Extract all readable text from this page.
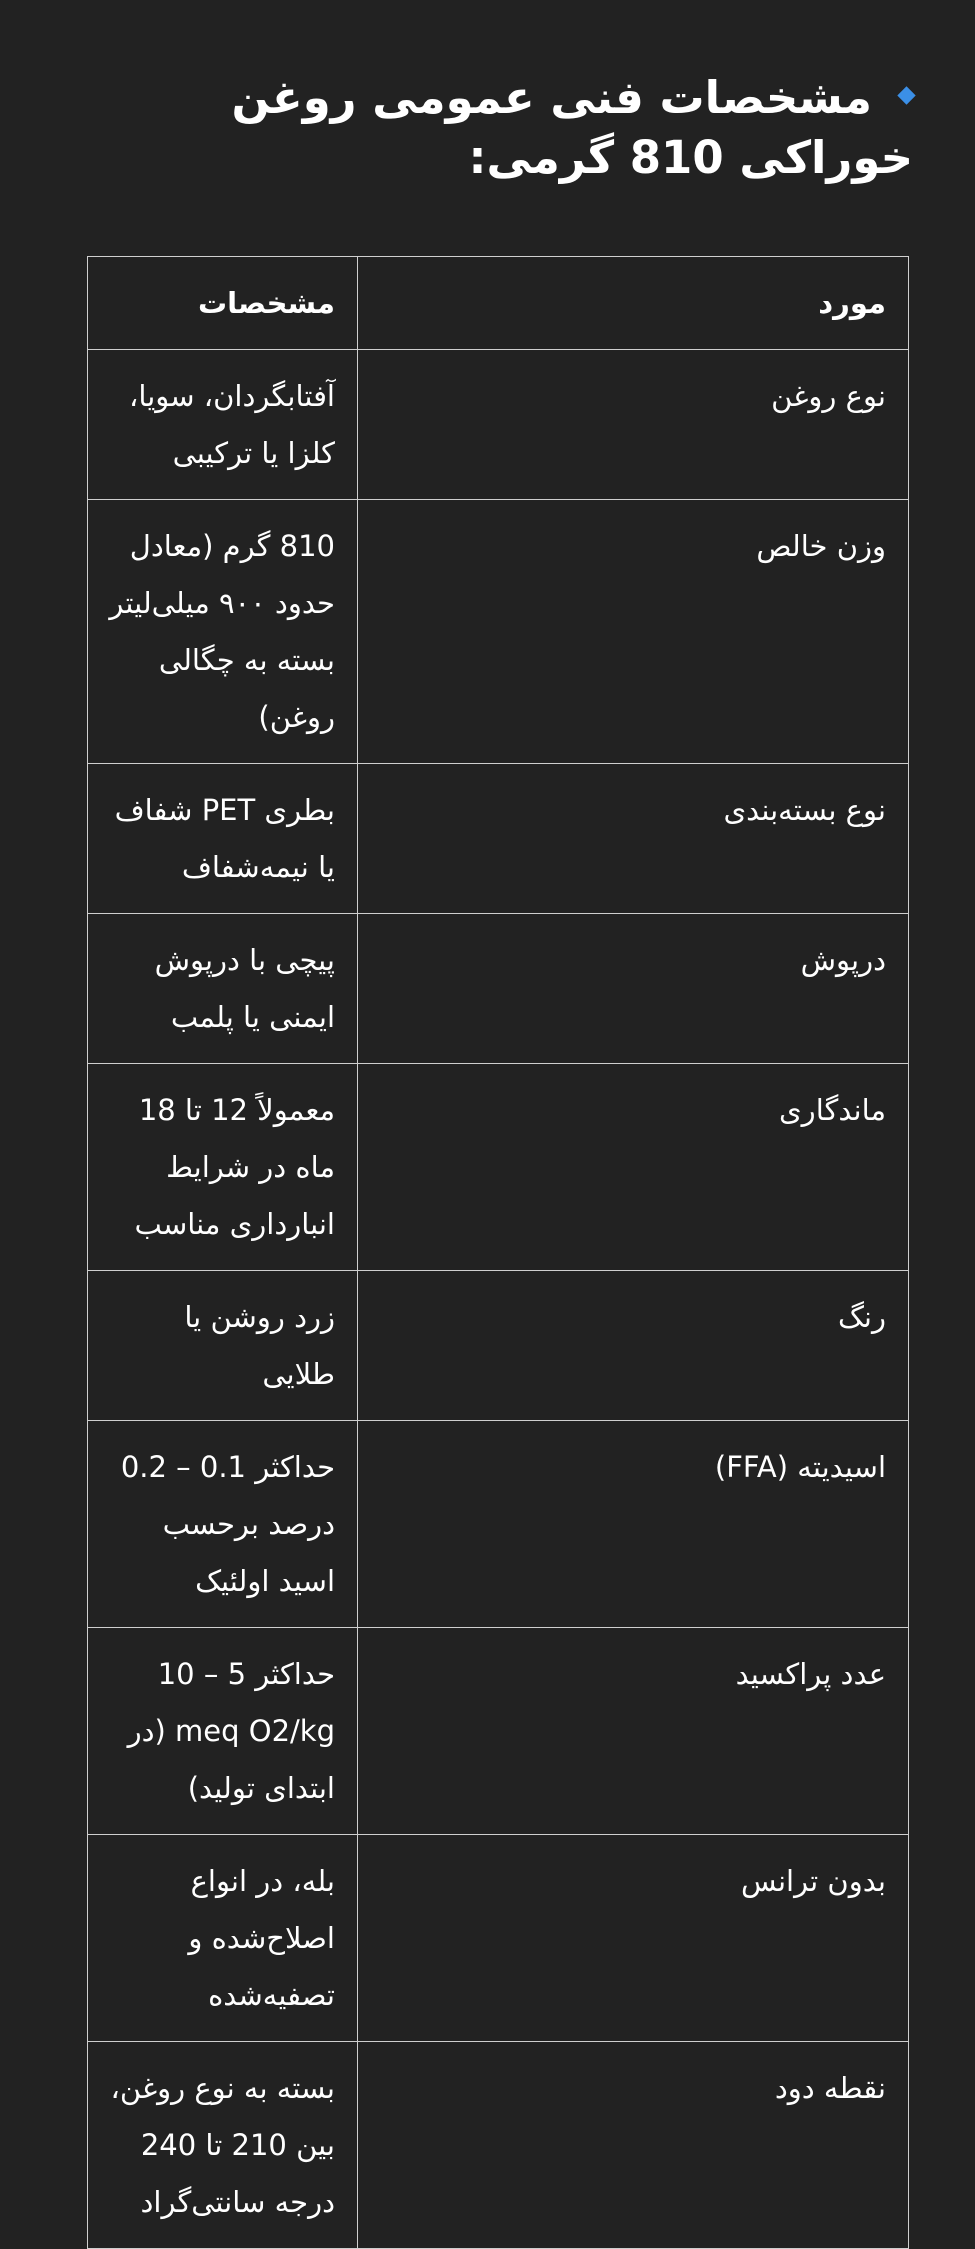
مشخصات فنی عمومی روغن خوراکی 810 گرمی:
مورد	مشخصات
نوع روغن	آفتابگردان، سویا، کلزا یا ترکیبی
وزن خالص	810 گرم (معادل حدود ۹۰۰ میلی‌لیتر بسته به چگالی روغن)
نوع بسته‌بندی	بطری PET شفاف یا نیمه‌شفاف
درپوش	پیچی با درپوش ایمنی یا پلمب
ماندگاری	معمولاً 12 تا 18 ماه در شرایط انبارداری مناسب
رنگ	زرد روشن یا طلایی
اسیدیته (FFA)	حداکثر 0.1 – 0.2 درصد برحسب اسید اولئیک
عدد پراکسید	حداکثر 5 – 10 meq O2/kg (در ابتدای تولید)
بدون ترانس	بله، در انواع اصلاح‌شده و تصفیه‌شده
نقطه دود	بسته به نوع روغن، بین 210 تا 240 درجه سانتی‌گراد
